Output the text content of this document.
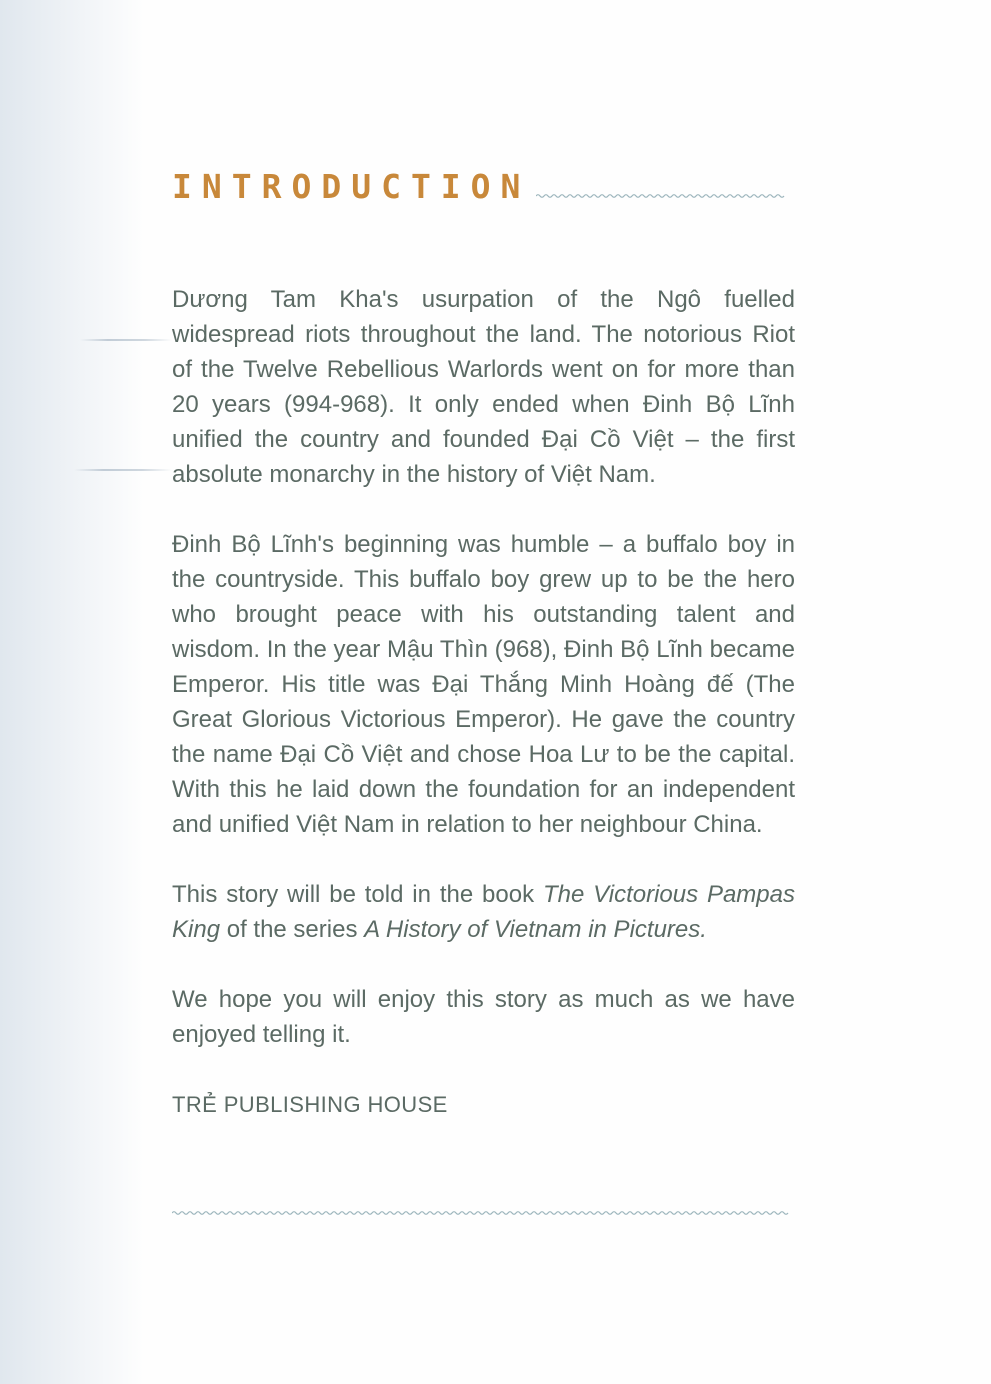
INTRODUCTION

Dương Tam Kha's usurpation of the Ngô fuelled widespread riots throughout the land. The notorious Riot of the Twelve Rebellious Warlords went on for more than 20 years (994-968). It only ended when Đinh Bộ Lĩnh unified the country and founded Đại Cồ Việt – the first absolute monarchy in the history of Việt Nam.

Đinh Bộ Lĩnh's beginning was humble – a buffalo boy in the countryside. This buffalo boy grew up to be the hero who brought peace with his outstanding talent and wisdom. In the year Mậu Thìn (968), Đinh Bộ Lĩnh became Emperor. His title was Đại Thắng Minh Hoàng đế (The Great Glorious Victorious Emperor). He gave the country the name Đại Cồ Việt and chose Hoa Lư to be the capital. With this he laid down the foundation for an independent and unified Việt Nam in relation to her neighbour China.

This story will be told in the book The Victorious Pampas King of the series A History of Vietnam in Pictures.

We hope you will enjoy this story as much as we have enjoyed telling it.

TRẺ PUBLISHING HOUSE
